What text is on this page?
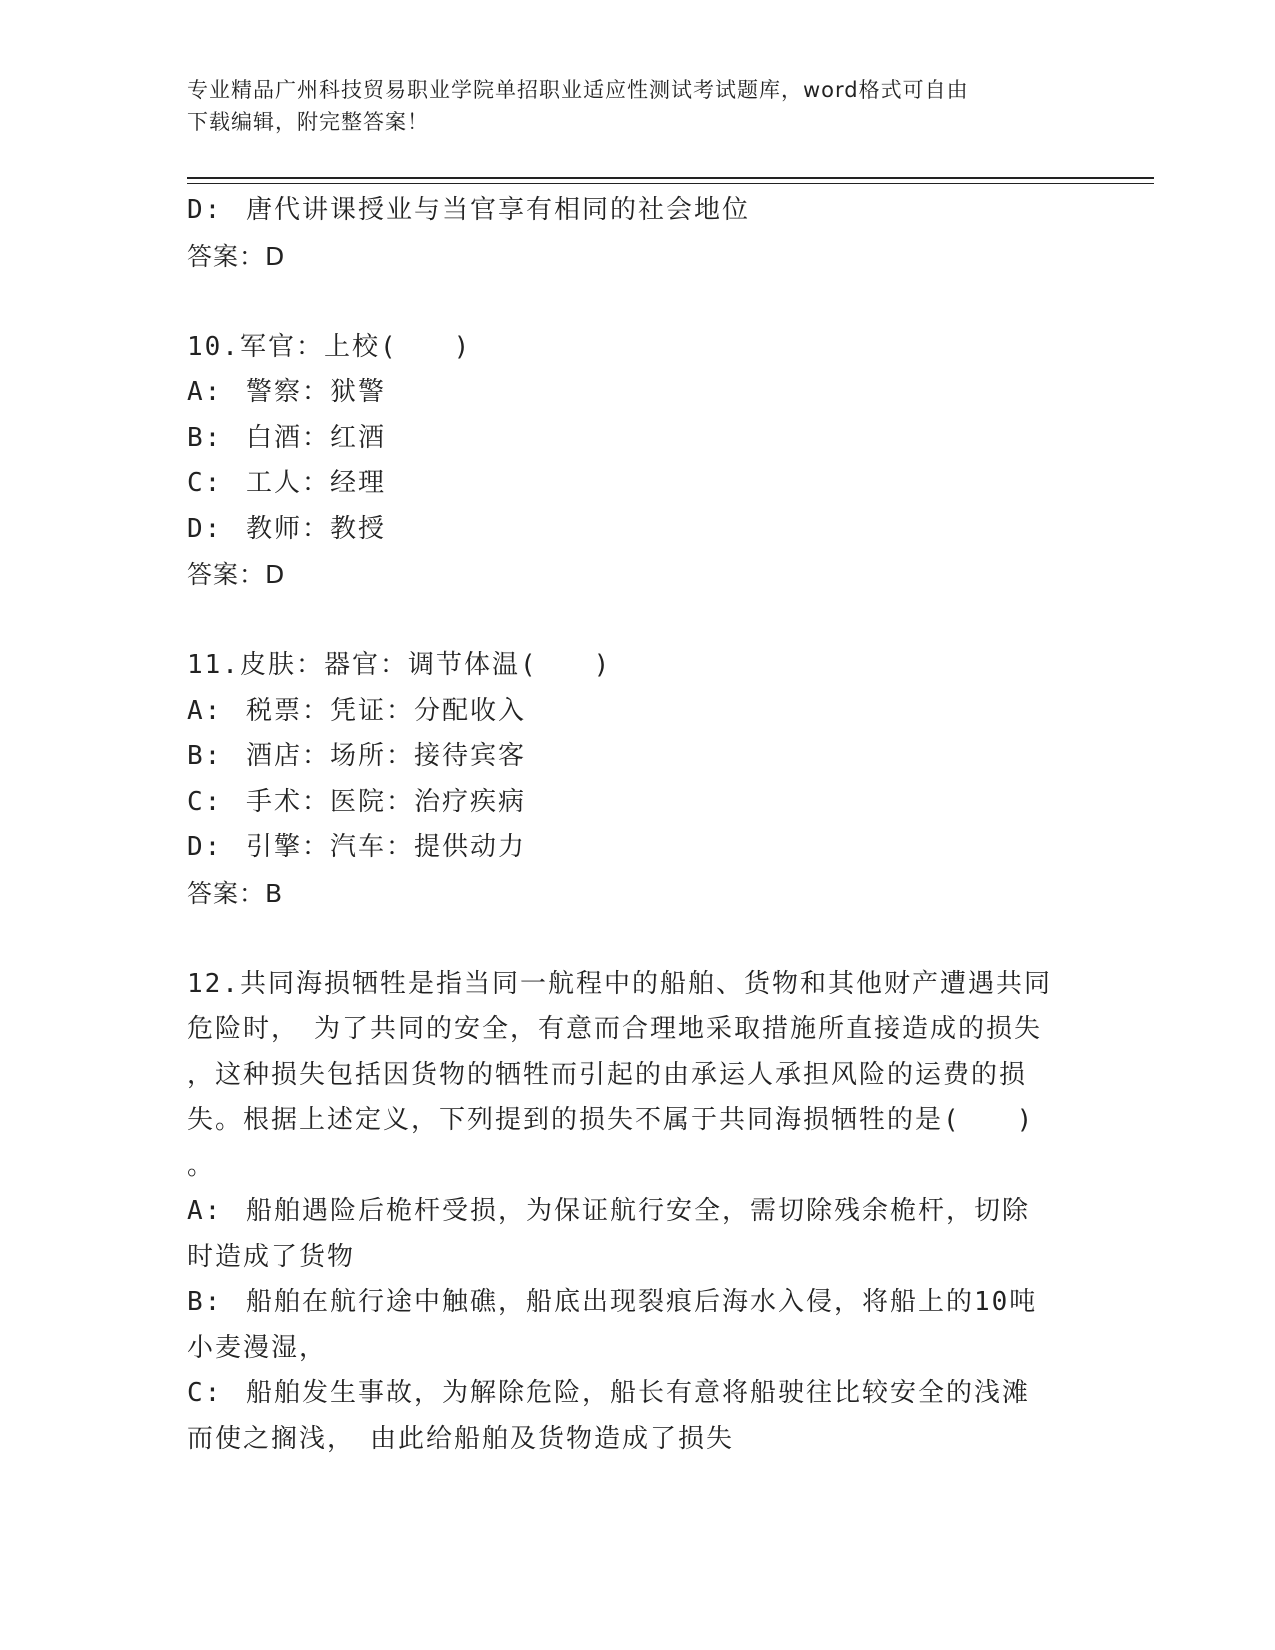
专业精品广州科技贸易职业学院单招职业适应性测试考试题库，word格式可自由
下载编辑，附完整答案！
D: 唐代讲课授业与当官享有相同的社会地位
答案：D
10.军官：上校(　　)
A: 警察：狱警
B: 白酒：红酒
C: 工人：经理
D: 教师：教授
答案：D
11.皮肤：器官：调节体温(　　)
A: 税票：凭证：分配收入
B: 酒店：场所：接待宾客
C: 手术：医院：治疗疾病
D: 引擎：汽车：提供动力
答案：B
12.共同海损牺牲是指当同一航程中的船舶、货物和其他财产遭遇共同
危险时，　为了共同的安全，有意而合理地采取措施所直接造成的损失
，这种损失包括因货物的牺牲而引起的由承运人承担风险的运费的损
失。根据上述定义，下列提到的损失不属于共同海损牺牲的是(　　)
。
A: 船舶遇险后桅杆受损，为保证航行安全，需切除残余桅杆，切除
时造成了货物
B: 船舶在航行途中触礁，船底出现裂痕后海水入侵，将船上的10吨
小麦漫湿，
C: 船舶发生事故，为解除危险，船长有意将船驶往比较安全的浅滩
而使之搁浅，　由此给船舶及货物造成了损失
